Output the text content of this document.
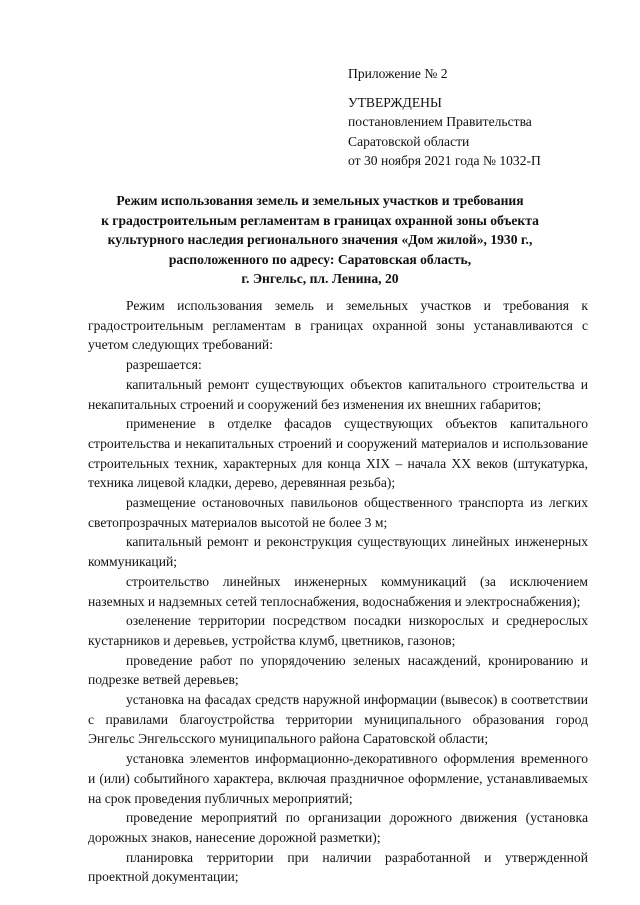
Приложение № 2
УТВЕРЖДЕНЫ
постановлением Правительства
Саратовской области
от 30 ноября 2021 года № 1032-П
Режим использования земель и земельных участков и требования
к градостроительным регламентам в границах охранной зоны объекта
культурного наследия регионального значения «Дом жилой», 1930 г.,
расположенного по адресу: Саратовская область,
г. Энгельс, пл. Ленина, 20

Режим использования земель и земельных участков и требования к градостроительным регламентам в границах охранной зоны устанавливаются с учетом следующих требований:

разрешается:

капитальный ремонт существующих объектов капитального строительства и некапитальных строений и сооружений без изменения их внешних габаритов;

применение в отделке фасадов существующих объектов капитального строительства и некапитальных строений и сооружений материалов и использование строительных техник, характерных для конца XIX – начала XX веков (штукатурка, техника лицевой кладки, дерево, деревянная резьба);

размещение остановочных павильонов общественного транспорта из легких светопрозрачных материалов высотой не более 3 м;

капитальный ремонт и реконструкция существующих линейных инженерных коммуникаций;

строительство линейных инженерных коммуникаций (за исключением наземных и надземных сетей теплоснабжения, водоснабжения и электроснабжения);

озеленение территории посредством посадки низкорослых и среднерослых кустарников и деревьев, устройства клумб, цветников, газонов;

проведение работ по упорядочению зеленых насаждений, кронированию и подрезке ветвей деревьев;

установка на фасадах средств наружной информации (вывесок) в соответствии с правилами благоустройства территории муниципального образования город Энгельс Энгельсского муниципального района Саратовской области;

установка элементов информационно-декоративного оформления временного и (или) событийного характера, включая праздничное оформление, устанавливаемых на срок проведения публичных мероприятий;

проведение мероприятий по организации дорожного движения (установка дорожных знаков, нанесение дорожной разметки);

планировка территории при наличии разработанной и утвержденной проектной документации;
